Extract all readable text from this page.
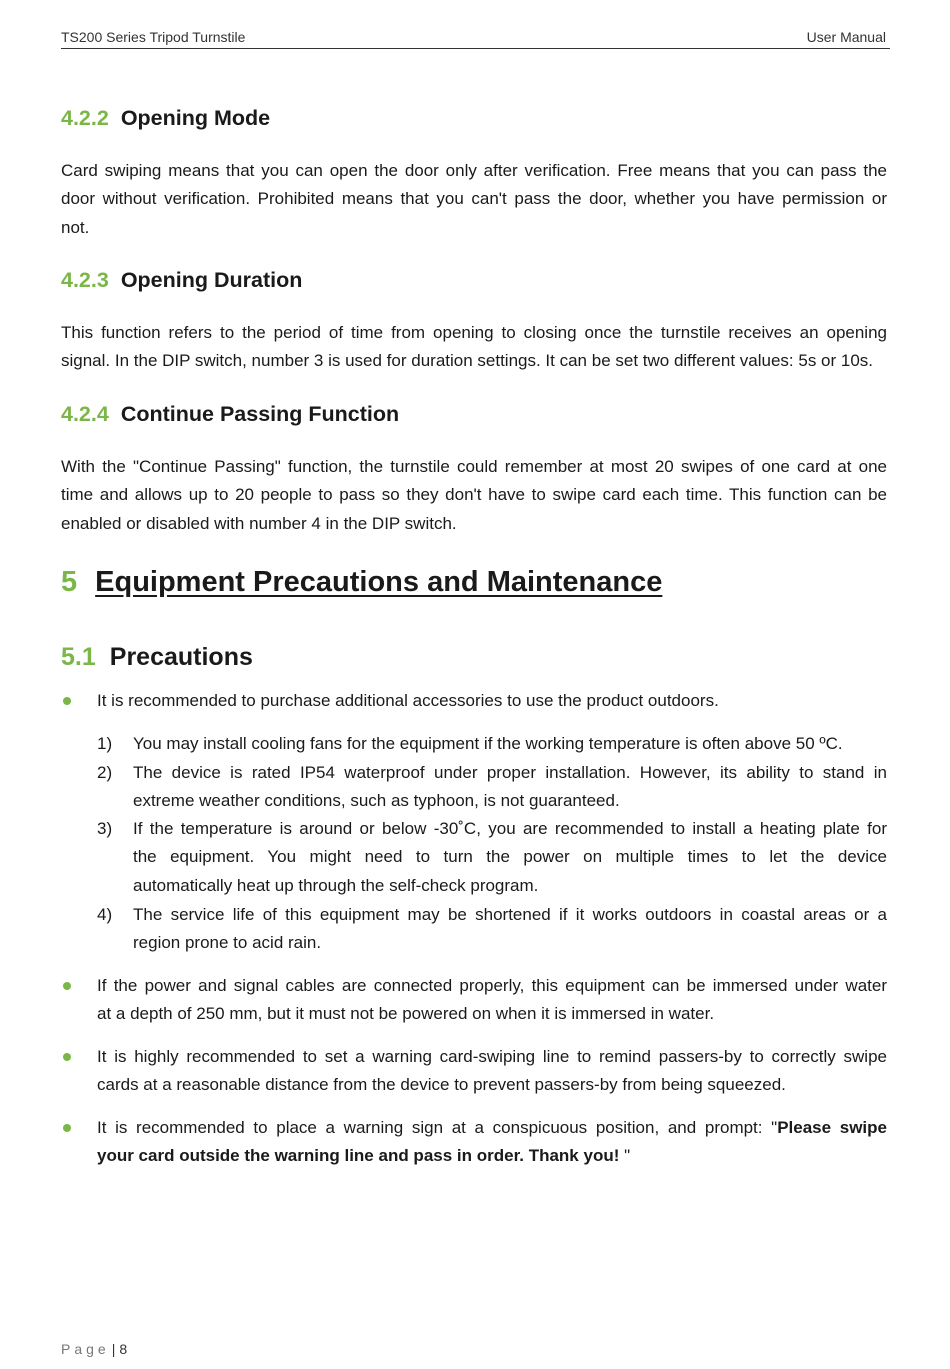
TS200 Series Tripod Turnstile	User Manual
4.2.2 Opening Mode
Card swiping means that you can open the door only after verification. Free means that you can pass the
door without verification. Prohibited means that you can't pass the door, whether you have permission or
not.
4.2.3 Opening Duration
This function refers to the period of time from opening to closing once the turnstile receives an opening
signal. In the DIP switch, number 3 is used for duration settings. It can be set two different values: 5s or 10s.
4.2.4 Continue Passing Function
With the "Continue Passing" function, the turnstile could remember at most 20 swipes of one card at one
time and allows up to 20 people to pass so they don't have to swipe card each time. This function can be
enabled or disabled with number 4 in the DIP switch.
5 Equipment Precautions and Maintenance
5.1 Precautions
It is recommended to purchase additional accessories to use the product outdoors.
1) You may install cooling fans for the equipment if the working temperature is often above 50 ºC.
2) The device is rated IP54 waterproof under proper installation. However, its ability to stand in
extreme weather conditions, such as typhoon, is not guaranteed.
3) If the temperature is around or below -30˚C, you are recommended to install a heating plate for
the equipment. You might need to turn the power on multiple times to let the device
automatically heat up through the self-check program.
4) The service life of this equipment may be shortened if it works outdoors in coastal areas or a
region prone to acid rain.
If the power and signal cables are connected properly, this equipment can be immersed under water
at a depth of 250 mm, but it must not be powered on when it is immersed in water.
It is highly recommended to set a warning card-swiping line to remind passers-by to correctly swipe
cards at a reasonable distance from the device to prevent passers-by from being squeezed.
It is recommended to place a warning sign at a conspicuous position, and prompt: "Please swipe
your card outside the warning line and pass in order. Thank you! "
Page | 8
